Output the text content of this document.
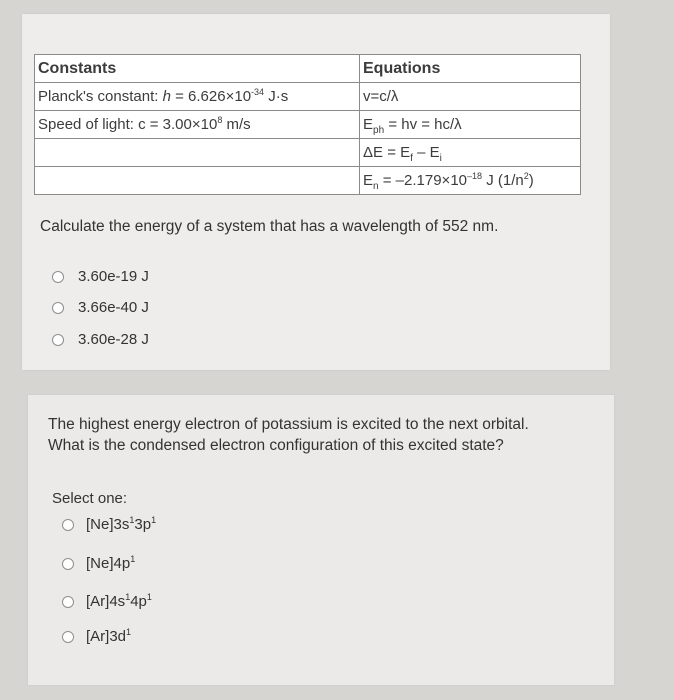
Constants	Equations
Planck's constant: $h = 6.626\times 10^{-34}$ J·s	v=c/λ
Speed of light: $c = 3.00\times 10^8$ m/s	$E_{ph}$ = hv = hc/λ
	$\Delta E = E_f - E_i$
	$E_n = -2.179\times 10^{-18}$ J $(1/n^2)$
Calculate the energy of a system that has a wavelength of 552 nm.
3.60e-19 J
3.66e-40 J
3.60e-28 J
The highest energy electron of potassium is excited to the next orbital.
What is the condensed electron configuration of this excited state?
Select one:
$[Ne]3s^13p^1$
$[Ne]4p^1$
$[Ar]4s^14p^1$
$[Ar]3d^1$
